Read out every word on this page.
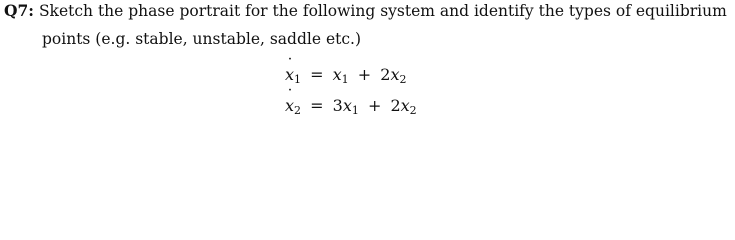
Q7: Sketch the phase portrait for the following system and identify the types of equilibrium
points (e.g. stable, unstable, saddle etc.)
˙ $x_1 = x_1 + 2x_2$
˙ $x_2 = 3x_1 + 2x_2$
